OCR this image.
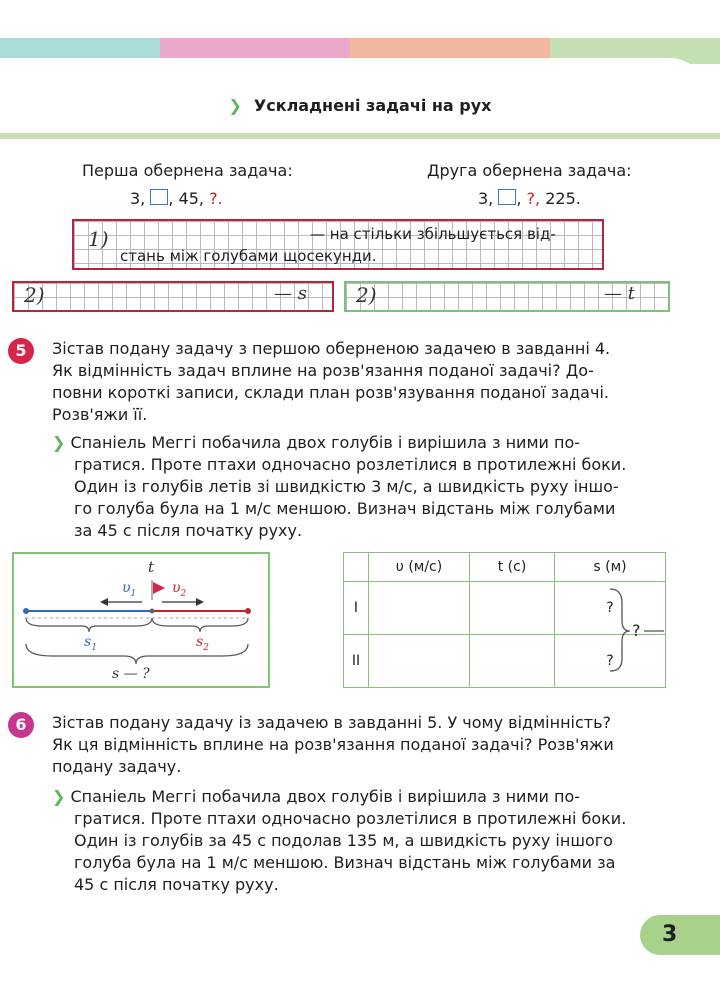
❯ Ускладнені задачі на рух
Перша обернена задача:
3, , 45, ?.
Друга обернена задача:
3, , ?, 225.
1)	— на стільки збільшується від-
стань між голубами щосекунди.
2)	— s 2)	— t
5	Зістав подану задачу з першою оберненою задачею в завданні 4.
Як відмінність задач вплине на розв'язання поданої задачі? До-
повни короткі записи, склади план розв'язування поданої задачі.
Розв'яжи її.
❯ Спаніель Меггі побачила двох голубів і вирішила з ними по-
гратися. Проте птахи одночасно розлетілися в протилежні боки.
Один із голубів летів зі швидкістю 3 м/с, а швидкість руху іншо-
го голуба була на 1 м/с меншою. Визнач відстань між голубами
за 45 с після початку руху.
t
$\upsilon_1$	$\upsilon_2$
$s_1$	$s_2$
s — ?
	υ (м/с)	t (с)	s (м)
І			?
ІІ			?
?
6	Зістав подану задачу із задачею в завданні 5. У чому відмінність?
Як ця відмінність вплине на розв'язання поданої задачі? Розв'яжи
подану задачу.
❯ Спаніель Меггі побачила двох голубів і вирішила з ними по-
гратися. Проте птахи одночасно розлетілися в протилежні боки.
Один із голубів за 45 с подолав 135 м, а швидкість руху іншого
голуба була на 1 м/с меншою. Визнач відстань між голубами за
45 с після початку руху.
3
